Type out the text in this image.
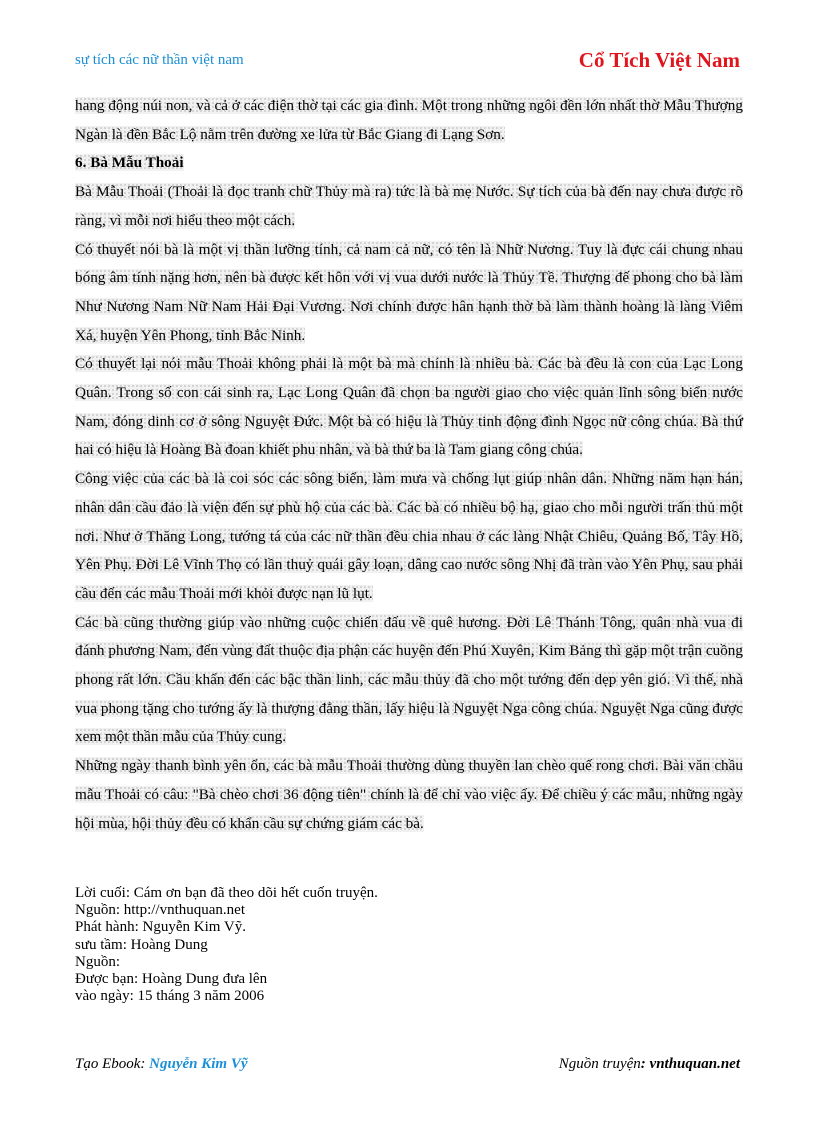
sự tích các nữ thần việt nam	Cổ Tích Việt Nam

hang động núi non, và cả ở các điện thờ tại các gia đình. Một trong những ngôi đền lớn nhất thờ Mẫu Thượng Ngàn là đền Bắc Lộ nằm trên đường xe lửa từ Bắc Giang đi Lạng Sơn.

6. Bà Mẫu Thoải

Bà Mẫu Thoải (Thoải là đọc tranh chữ Thủy mà ra) tức là bà mẹ Nước. Sự tích của bà đến nay chưa được rõ ràng, vì mỗi nơi hiểu theo một cách.

Có thuyết nói bà là một vị thần lưỡng tính, cả nam cả nữ, có tên là Nhữ Nương. Tuy là đực cái chung nhau bóng âm tính nặng hơn, nên bà được kết hôn với vị vua dưới nước là Thủy Tề. Thượng đế phong cho bà làm Như Nương Nam Nữ Nam Hải Đại Vương. Nơi chính được hân hạnh thờ bà làm thành hoàng là làng Viêm Xá, huyện Yên Phong, tỉnh Bắc Ninh.

Có thuyết lại nói mẫu Thoải không phải là một bà mà chính là nhiều bà. Các bà đều là con của Lạc Long Quân. Trong số con cái sinh ra, Lạc Long Quân đã chọn ba người giao cho việc quản lĩnh sông biển nước Nam, đóng dinh cơ ở sông Nguyệt Đức. Một bà có hiệu là Thủy tinh động đình Ngọc nữ công chúa. Bà thứ hai có hiệu là Hoàng Bà đoan khiết phu nhân, và bà thứ ba là Tam giang công chúa.

Công việc của các bà là coi sóc các sông biển, làm mưa và chống lụt giúp nhân dân. Những năm hạn hán, nhân dân cầu đảo là viện đến sự phù hộ của các bà. Các bà có nhiều bộ hạ, giao cho mỗi người trấn thủ một nơi. Như ở Thăng Long, tướng tá của các nữ thần đều chia nhau ở các làng Nhật Chiêu, Quảng Bố, Tây Hồ, Yên Phụ. Đời Lê Vĩnh Thọ có lần thuỷ quái gây loạn, dâng cao nước sông Nhị đã tràn vào Yên Phụ, sau phải cầu đến các mẫu Thoải mới khỏi được nạn lũ lụt.

Các bà cũng thường giúp vào những cuộc chiến đấu về quê hương. Đời Lê Thánh Tông, quân nhà vua đi đánh phương Nam, đến vùng đất thuộc địa phận các huyện đến Phú Xuyên, Kim Bảng thì gặp một trận cuồng phong rất lớn. Cầu khẩn đến các bậc thần linh, các mẫu thủy đã cho một tướng đến dẹp yên gió. Vì thế, nhà vua phong tặng cho tướng ấy là thượng đẳng thần, lấy hiệu là Nguyệt Nga công chúa. Nguyệt Nga cũng được xem một thần mẫu của Thủy cung.

Những ngày thanh bình yên ổn, các bà mẫu Thoải thường dùng thuyền lan chèo quế rong chơi. Bài văn chầu mẫu Thoải có câu: "Bà chèo chơi 36 động tiên" chính là để chỉ vào việc ấy. Để chiều ý các mẫu, những ngày hội mùa, hội thủy đều có khẩn cầu sự chứng giám các bà.

Lời cuối: Cám ơn bạn đã theo dõi hết cuốn truyện.
Nguồn: http://vnthuquan.net
Phát hành: Nguyễn Kim Vỹ.
sưu tầm: Hoàng Dung
Nguồn:
Được bạn: Hoàng Dung đưa lên
vào ngày: 15 tháng 3 năm 2006
Tạo Ebook: Nguyễn Kim Vỹ	Nguồn truyện: vnthuquan.net
